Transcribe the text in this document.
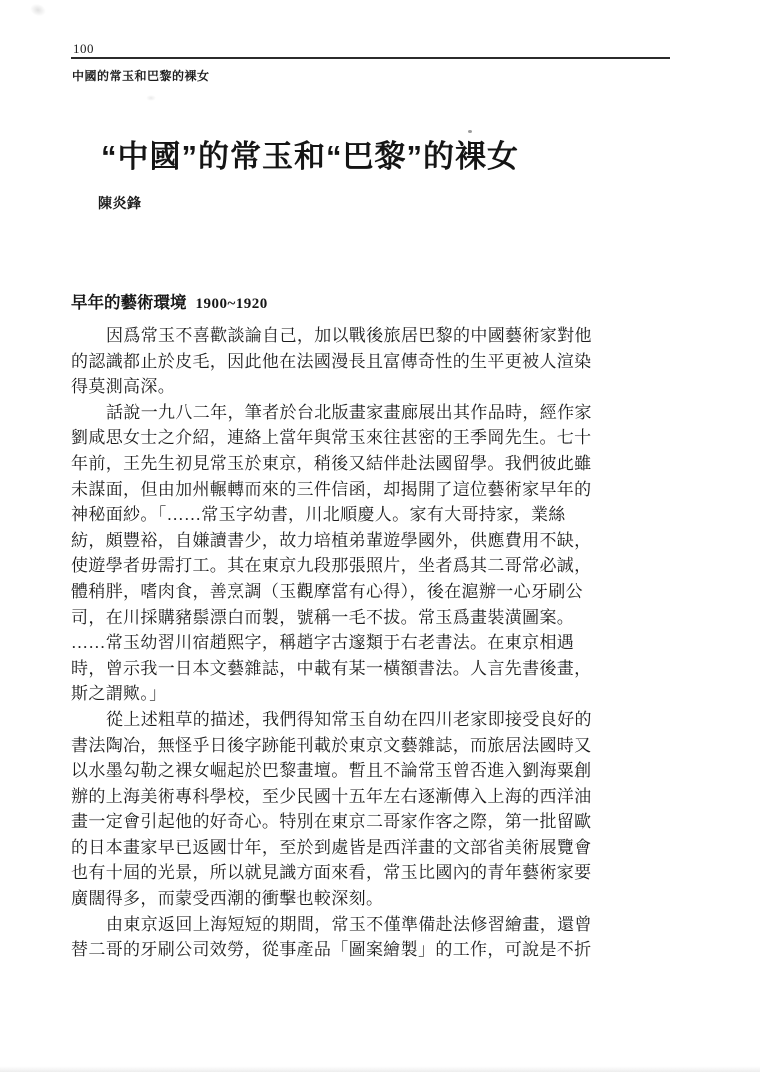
100
中國的常玉和巴黎的裸女
“中國”的常玉和“巴黎”的裸女
陳炎鋒
早年的藝術環境 1900~1920
因爲常玉不喜歡談論自己，加以戰後旅居巴黎的中國藝術家對他
的認識都止於皮毛，因此他在法國漫長且富傳奇性的生平更被人渲染
得莫測高深。
話說一九八二年，筆者於台北版畫家畫廊展出其作品時，經作家
劉咸思女士之介紹，連絡上當年與常玉來往甚密的王季岡先生。七十
年前，王先生初見常玉於東京，稍後又結伴赴法國留學。我們彼此雖
未謀面，但由加州輾轉而來的三件信函，却揭開了這位藝術家早年的
神秘面紗。「……常玉字幼書，川北順慶人。家有大哥持家，業絲
紡，頗豐裕，自嫌讀書少，故力培植弟輩遊學國外，供應費用不缺，
使遊學者毋需打工。其在東京九段那張照片，坐者爲其二哥常必誠，
體稍胖，嗜肉食，善烹調（玉觀摩當有心得），後在滬辦一心牙刷公
司，在川採購豬鬃漂白而製，號稱一毛不拔。常玉爲畫裝潢圖案。
……常玉幼習川宿趙熙字，稱趙字古邃類于右老書法。在東京相遇
時，曾示我一日本文藝雜誌，中載有某一橫額書法。人言先書後畫，
斯之謂歟。」
從上述粗草的描述，我們得知常玉自幼在四川老家即接受良好的
書法陶冶，無怪乎日後字跡能刊載於東京文藝雜誌，而旅居法國時又
以水墨勾勒之裸女崛起於巴黎畫壇。暫且不論常玉曾否進入劉海粟創
辦的上海美術專科學校，至少民國十五年左右逐漸傳入上海的西洋油
畫一定會引起他的好奇心。特別在東京二哥家作客之際，第一批留歐
的日本畫家早已返國廿年，至於到處皆是西洋畫的文部省美術展覽會
也有十屆的光景，所以就見識方面來看，常玉比國內的青年藝術家要
廣闊得多，而蒙受西潮的衝擊也較深刻。
由東京返回上海短短的期間，常玉不僅準備赴法修習繪畫，還曾
替二哥的牙刷公司效勞，從事產品「圖案繪製」的工作，可說是不折
